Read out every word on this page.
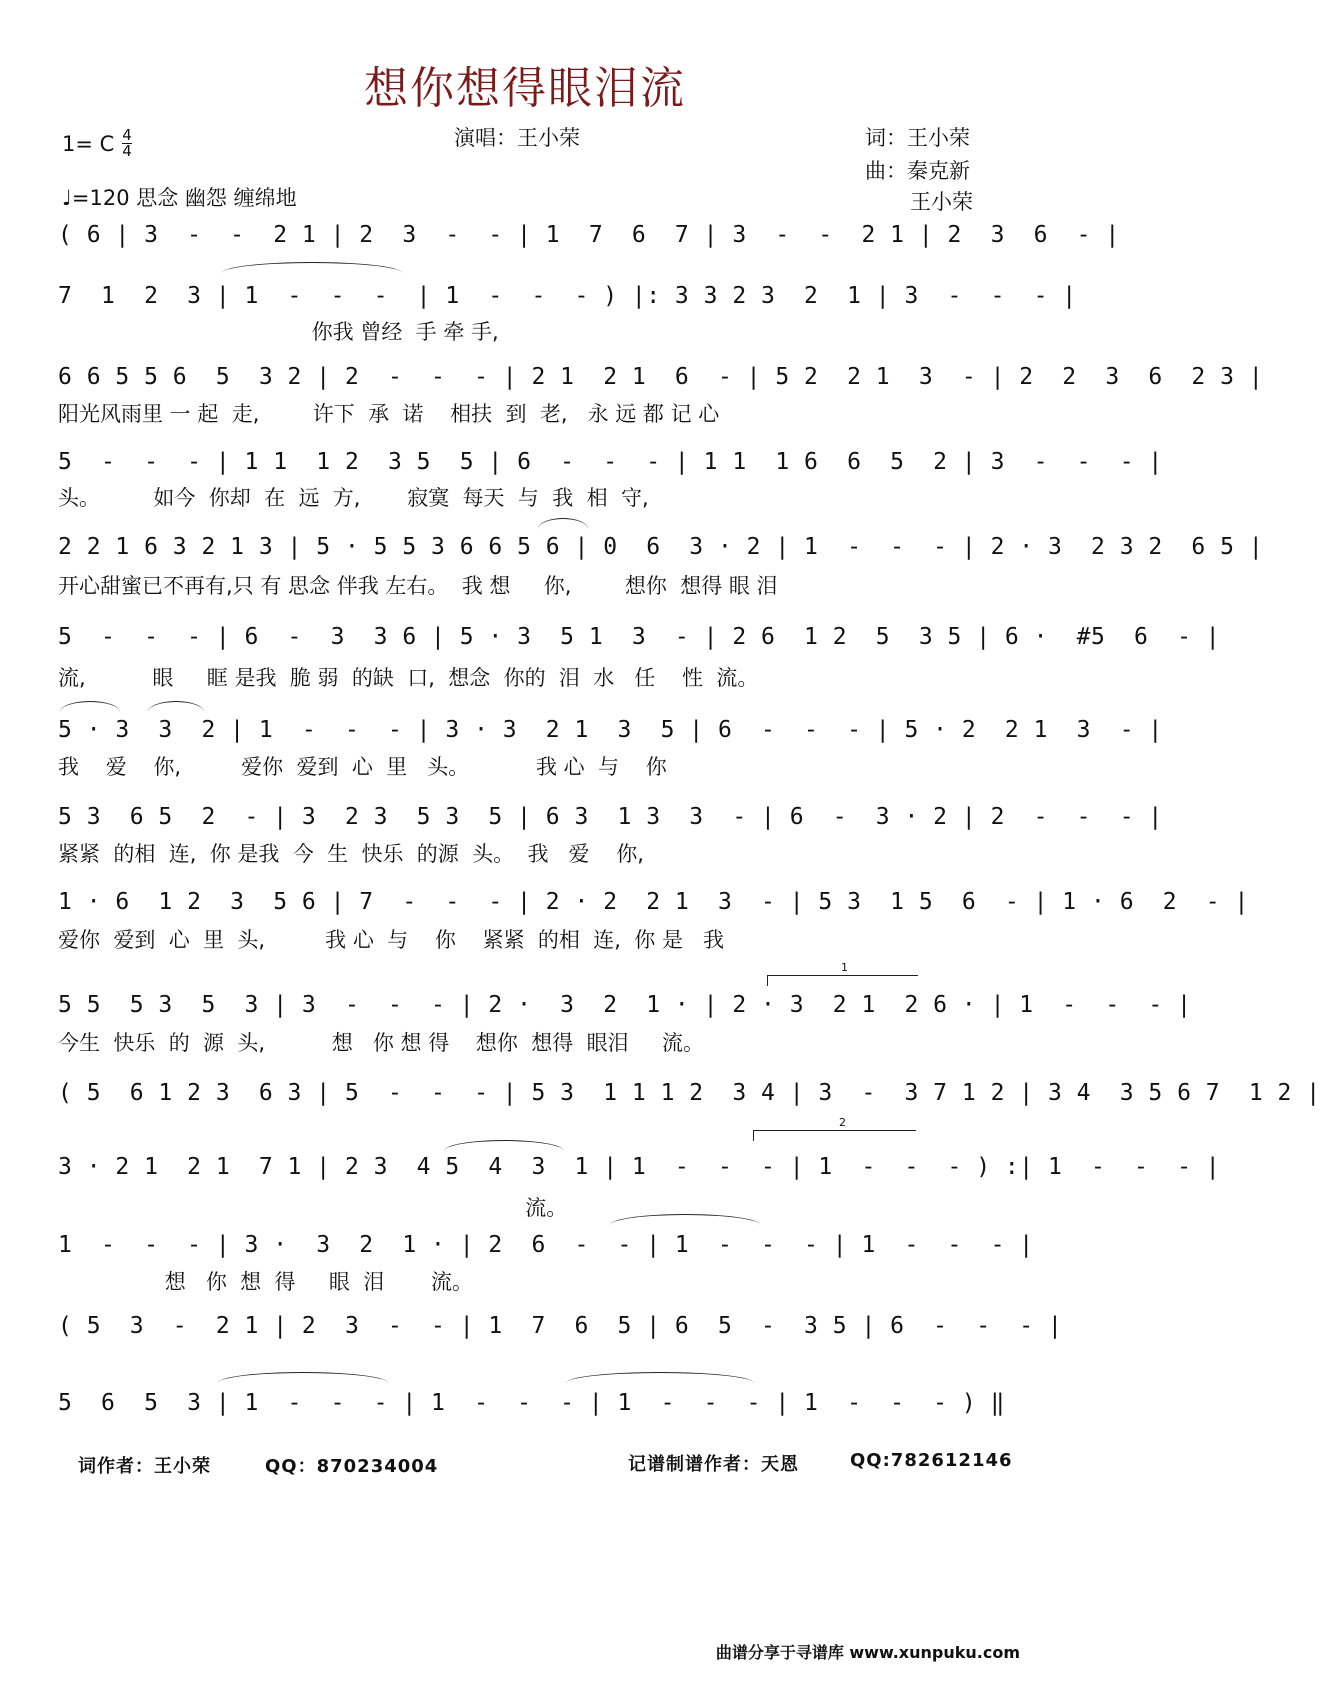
想你想得眼泪流
1= C $\frac{4}{4}$
♩=120 思念 幽怨 缠绵地
演唱：王小荣	词：王小荣
曲：秦克新
王小荣
( 6 | 3  -  -  2 1 | 2  3  -  - | 1  7  6  7 | 3  -  -  2 1 | 2  3  6  - |
7  1  2  3 | 1  -  -  -  | 1  -  -  - ) |: 3 3 2 3  2  1 | 3  -  -  - |
你我 曾经  手 牵 手,
6 6 5 5 6  5  3 2 | 2  -  -  - | 2 1  2 1  6  - | 5 2  2 1  3  - | 2  2  3  6  2 3 |
阳光风雨里 一 起  走,        许下  承  诺    相扶  到  老,   永 远 都 记 心
5  -  -  - | 1 1  1 2  3 5  5 | 6  -  -  - | 1 1  1 6  6  5  2 | 3  -  -  - |
头。        如今  你却  在  远  方,       寂寞  每天  与  我  相  守,
2 2 1 6 3 2 1 3 | 5 · 5 5 3 6 6 5 6 | 0  6  3 · 2 | 1  -  -  - | 2 · 3  2 3 2  6 5 |
开心甜蜜已不再有,只 有 思念 伴我 左右。  我 想     你,        想你  想得 眼 泪
5  -  -  - | 6  -  3  3 6 | 5 · 3  5 1  3  - | 2 6  1 2  5  3 5 | 6 ·  #5  6  - |
流,          眼     眶 是我  脆 弱  的缺  口,  想念  你的  泪  水   任    性  流。
5 · 3  3  2 | 1  -  -  - | 3 · 3  2 1  3  5 | 6  -  -  - | 5 · 2  2 1  3  - |
我    爱    你,         爱你  爱到  心  里   头。          我 心  与    你
5 3  6 5  2  - | 3  2 3  5 3  5 | 6 3  1 3  3  - | 6  -  3 · 2 | 2  -  -  - |
紧紧  的相  连,  你 是我  今  生  快乐  的源  头。  我   爱    你,
1 · 6  1 2  3  5 6 | 7  -  -  - | 2 · 2  2 1  3  - | 5 3  1 5  6  - | 1 · 6  2  - |
爱你  爱到  心  里  头,         我 心  与    你    紧紧  的相  连,  你 是   我
1
5 5  5 3  5  3 | 3  -  -  - | 2 ·  3  2  1 · | 2 · 3  2 1  2 6 · | 1  -  -  - |
今生  快乐  的  源  头,          想   你 想 得    想你  想得  眼泪     流。
( 5  6 1 2 3  6 3 | 5  -  -  - | 5 3  1 1 1 2  3 4 | 3  -  3 7 1 2 | 3 4  3 5 6 7  1 2 |
2
3 · 2 1  2 1  7 1 | 2 3  4 5  4  3  1 | 1  -  -  - | 1  -  -  - ) :| 1  -  -  - |
流。
1  -  -  - | 3 ·  3  2  1 · | 2  6  -  - | 1  -  -  - | 1  -  -  - |
想   你  想  得     眼  泪       流。
( 5  3  -  2 1 | 2  3  -  - | 1  7  6  5 | 6  5  -  3 5 | 6  -  -  - |
5  6  5  3 | 1  -  -  - | 1  -  -  - | 1  -  -  - | 1  -  -  - ) ‖
词作者：王小荣	QQ：870234004	记谱制谱作者：天恩	QQ:782612146
曲谱分享于寻谱库 www.xunpuku.com
